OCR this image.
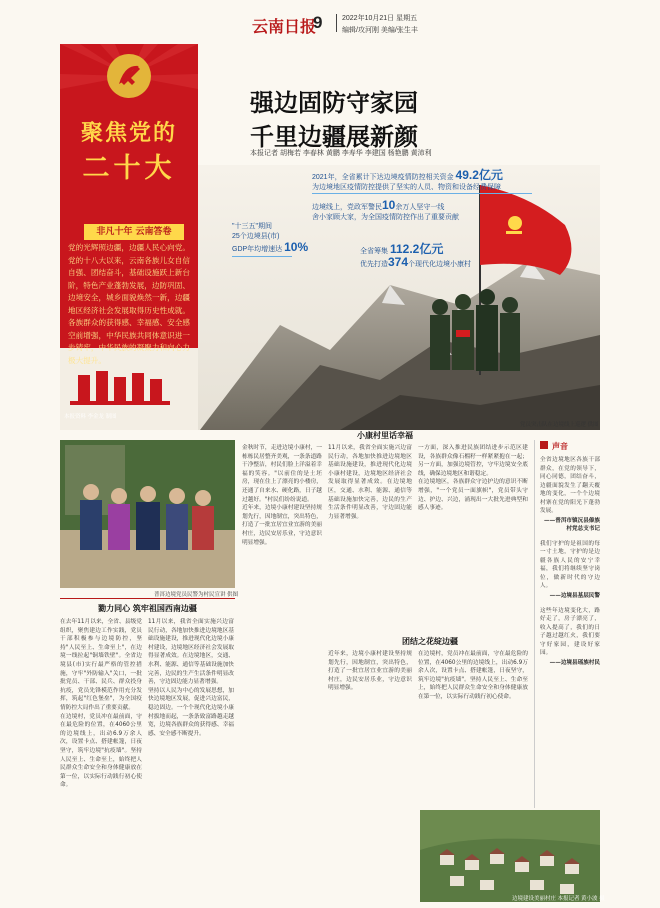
云南日报
9	2022年10月21日 星期五
编辑/攻河刚 美编/张生丰
聚焦党的
二十大
非凡十年 云南答卷
党的光辉照边疆，边疆人民心向党。党的十八大以来，云南各族儿女自信自强、团结奋斗，基础设施跃上新台阶，特色产业蓬勃发展，边防巩固、边境安全，城乡面貌焕然一新，边疆地区经济社会发展取得历史性成就。各族群众的获得感、幸福感、安全感空前增强，中华民族共同体意识进一步铸牢，中华民族的凝聚力和向心力极大提升。
本报资料 李金龙 制图
强边固防守家园
千里边疆展新颜
本报记者 胡梅若 李春林 黄鹏 李寿华 李建国 杨艳鹏 黄沛利
2021年，全省累计下达边境疫情防控相关资金 49.2亿元
为边境地区疫情防控提供了坚实的人员、物资和设备经费保障
边境线上，党政军警民10余万人坚守一线
舍小家顾大家，为全国疫情防控作出了重要贡献
"十三五"期间
25个边境县(市)
GDP年均增速达 10%	全省筹集 112.2亿元
优先打造374个现代化边境小康村
党员突击队在边境线上巡逻 供图
普洱边境党员民警为村民宣讲 供图
勠力同心 筑牢祖国西南边疆
小康村里话幸福
团结之花绽边疆

在去年11月以来，全省、县级党组织，聚焦建边工作实践，党员干部积极参与边境防控，坚持"人民至上、生命至上"，在边境一线拉起"铜墙铁壁"。全省边境县(市)实行最严格的管控措施，守牢"外防输入"关口，一批批党员、干部、民兵、群众投身抗疫，党员先锋模范作用充分发挥，筑起"红色堡垒"，为全国疫情防控大局作出了重要贡献。

在边境村，党员冲在最前面，守在最危险的位置，在4060公里的边境线上，出动6.9万余人次，设置卡点、搭建帐篷，日夜坚守，筑牢边境"抗疫墙"。坚持人民至上、生命至上，始终把人民群众生命安全和身体健康放在第一位，以实际行动践行初心使命。

11月以来，我省全面实施兴边富民行动，各地加快推进边境地区基础设施建设，推进现代化边境小康村建设，边境地区经济社会发展取得显著成效。在边境地区，交通、水利、能源、通信等基础设施加快完善，边民的生产生活条件明显改善，守边固边能力显著增强。

坚持以人民为中心的发展思想，加快边境地区发展，促进兴边富民，稳边固边。一个个现代化边境小康村拔地而起，一条条致富路越走越宽，边境各族群众的获得感、幸福感、安全感不断提升。

金秋时节，走进边境小康村，一栋栋民居整齐美观，一条条道路干净整洁，村民们脸上洋溢着幸福的笑容。"以前住的是土坯房，现在住上了漂亮的小楼房，还通了自来水、硬化路，日子越过越好。"村民们纷纷说道。

近年来，边境小康村建设坚持规划先行，因地制宜，突出特色，打造了一批宜居宜业宜游的美丽村庄，边民安居乐业，守边意识明显增强。

11月以来，我省全面实施兴边富民行动，各地加快推进边境地区基础设施建设，推进现代化边境小康村建设，边境地区经济社会发展取得显著成效。在边境地区，交通、水利、能源、通信等基础设施加快完善，边民的生产生活条件明显改善，守边固边能力显著增强。

一方面，深入推进民族团结进步示范区建设，各族群众像石榴籽一样紧紧抱在一起；另一方面，加强边境管控，守牢边境安全底线，确保边境地区和谐稳定。

在边境地区，各族群众守边护边的意识不断增强，"一个党员一面旗帜"，党员带头守边、护边、兴边，涌现出一大批先进典型和感人事迹。

近年来，边境小康村建设坚持规划先行，因地制宜，突出特色，打造了一批宜居宜业宜游的美丽村庄，边民安居乐业，守边意识明显增强。

在边境村，党员冲在最前面，守在最危险的位置，在4060公里的边境线上，出动6.9万余人次，设置卡点、搭建帐篷，日夜坚守，筑牢边境"抗疫墙"。坚持人民至上、生命至上，始终把人民群众生命安全和身体健康放在第一位，以实际行动践行初心使命。

边境建设美丽村庄 本报记者 黄小波 摄
声音

全省边境地区各族干部群众，在党的领导下，同心同德，团结奋斗，边疆面貌发生了翻天覆地的变化，一个个边境村寨在党的阳光下蓬勃发展。

——普洱市镇沅县傣族村党总支书记

我们守护的是祖国的每一寸土地，守护的是边疆各族人民的安宁幸福，我们将继续坚守岗位，做新时代的守边人。

——边境县基层民警

这些年边境变化大，路好走了，房子漂亮了，收入提高了，我们的日子越过越红火，我们要守好家园，建设好家园。

——边境县瑶族村民
